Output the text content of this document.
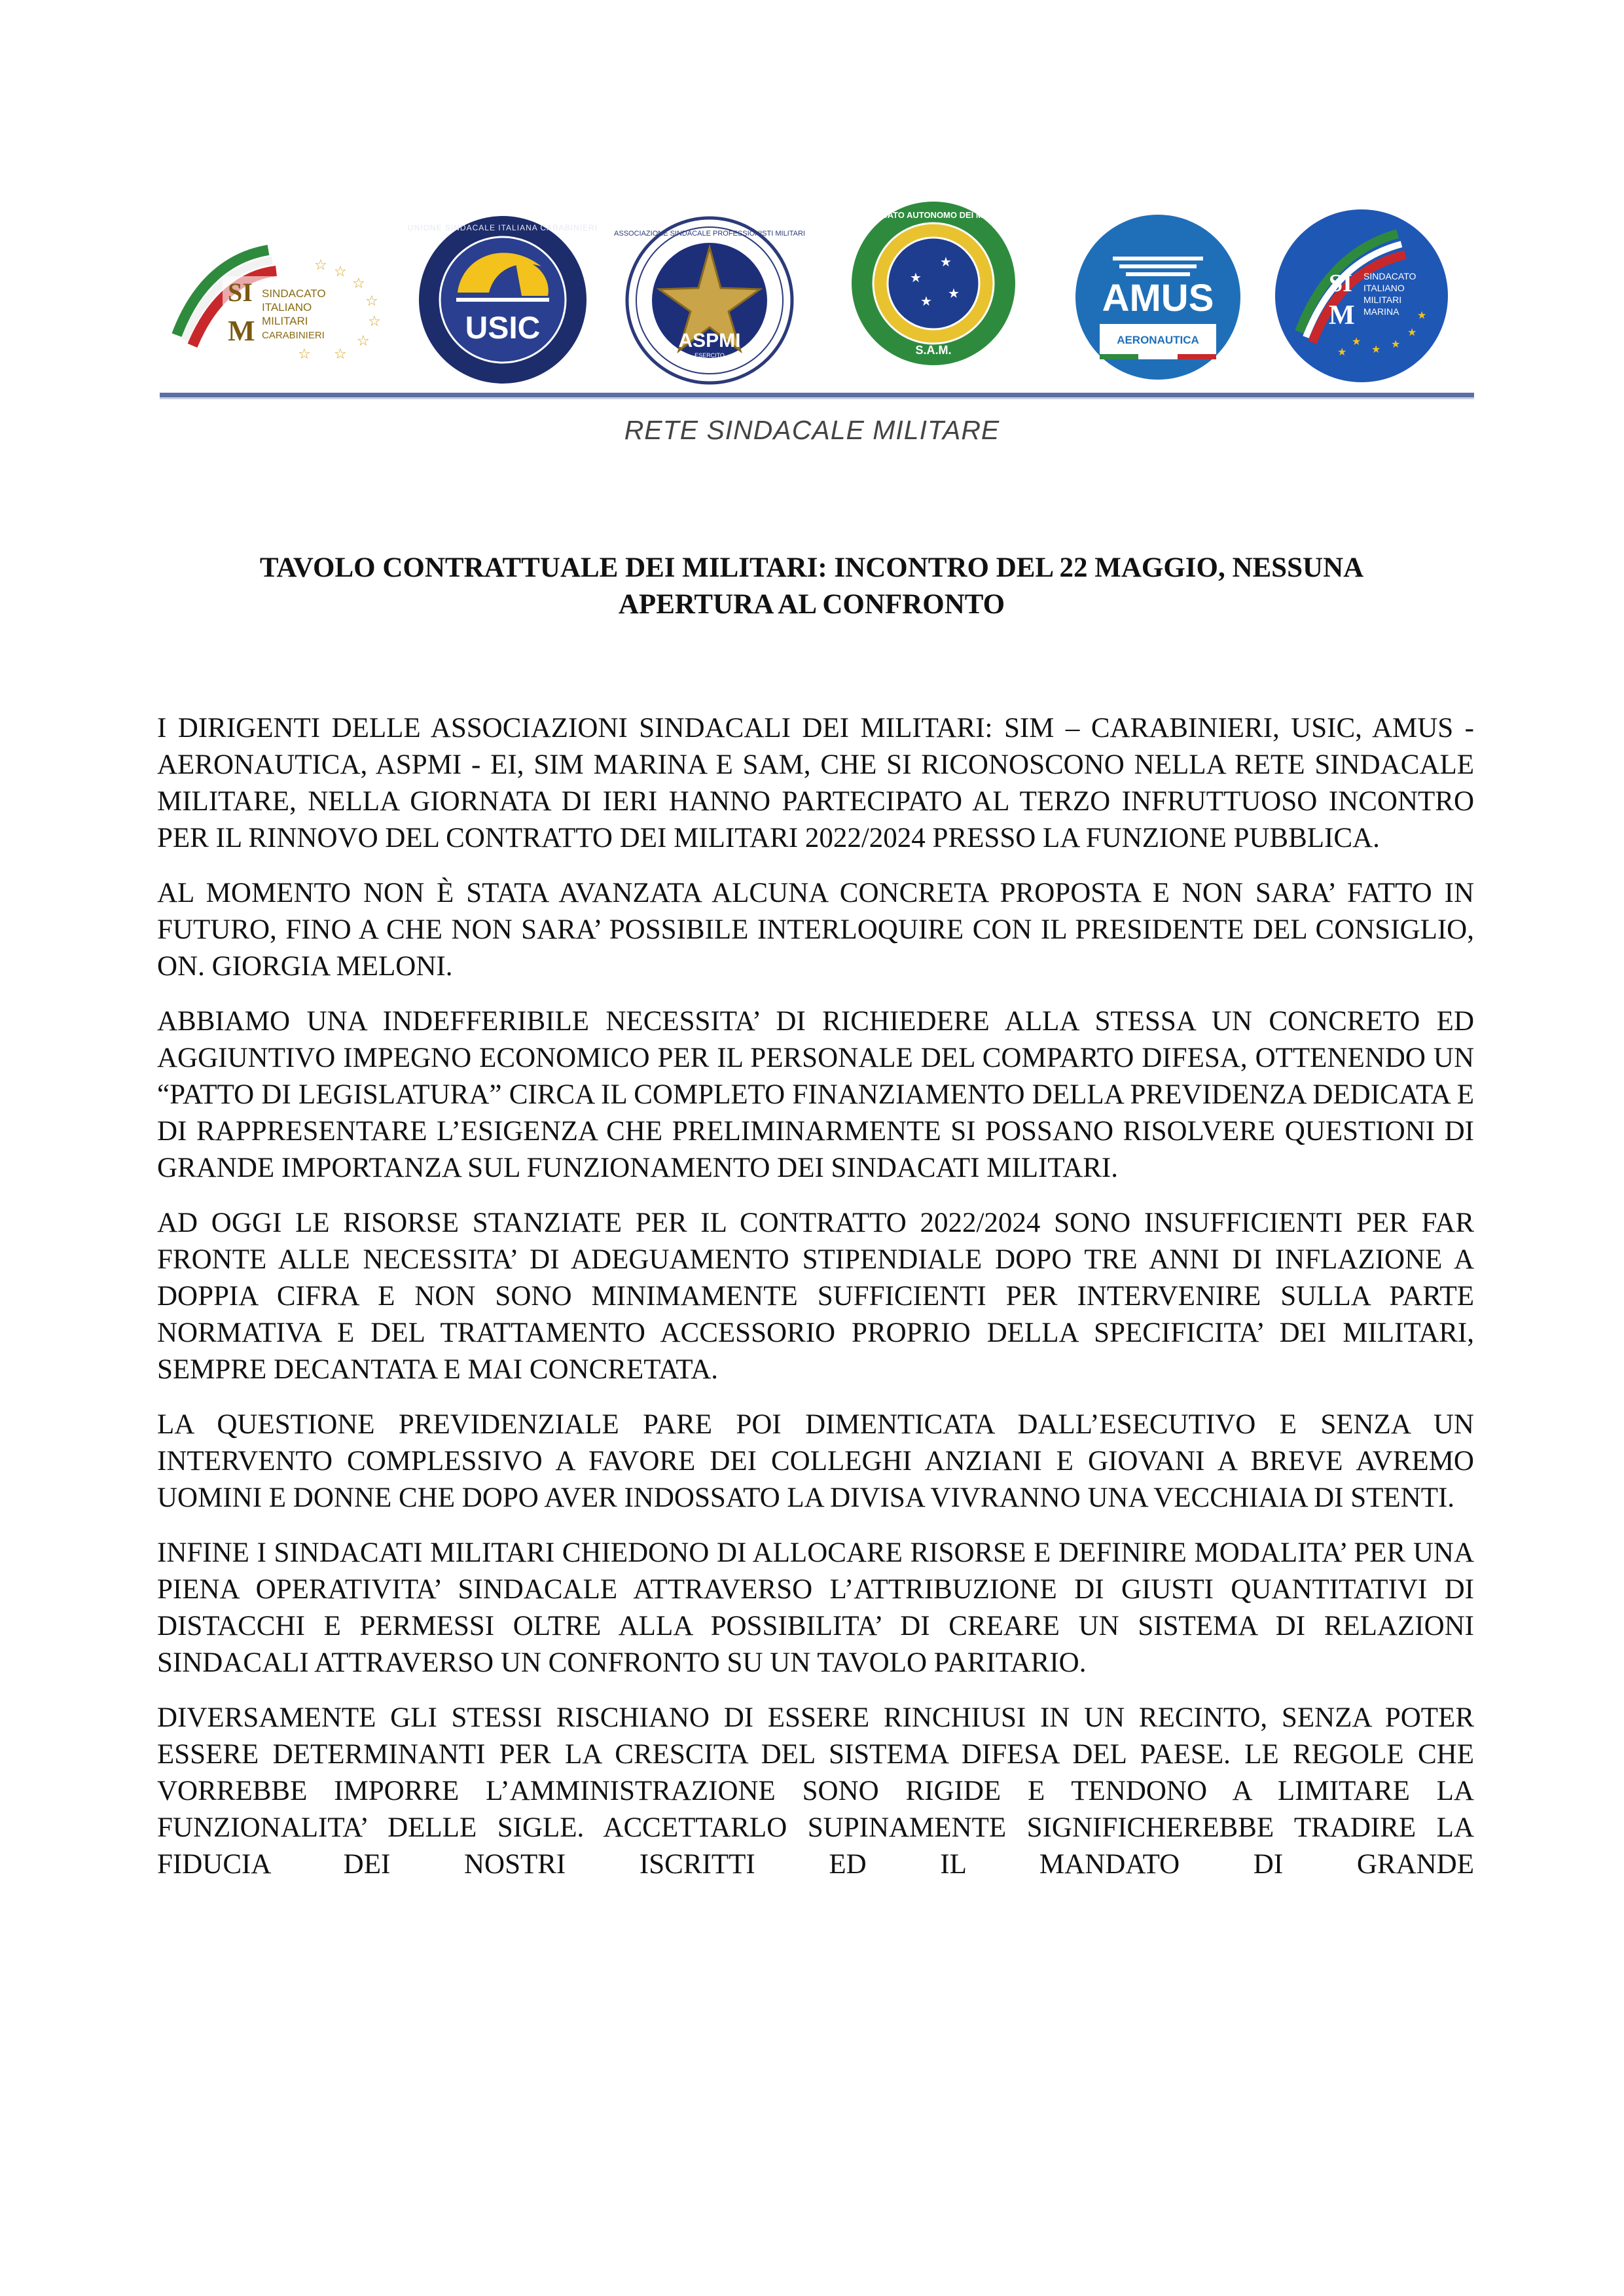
SI
M
SINDACATO
ITALIANO
MILITARI
CARABINIERI
☆
☆
☆
☆
☆
☆
☆
☆
USIC
UNIONE SINDACALE ITALIANA CARABINIERI
ASPMI
ESERCITO
ASSOCIAZIONE SINDACALE PROFESSIONISTI MILITARI
★
★
★
★
S.A.M.
SINDACATO AUTONOMO DEI MILITARI
AMUS
AERONAUTICA
SI
M
SINDACATO
ITALIANO
MILITARI
MARINA
★
★ ★
★
★
★
RETE SINDACALE MILITARE
TAVOLO CONTRATTUALE DEI MILITARI: INCONTRO DEL 22 MAGGIO, NESSUNA
APERTURA AL CONFRONTO

I DIRIGENTI DELLE ASSOCIAZIONI SINDACALI DEI MILITARI: SIM – CARABINIERI, USIC, AMUS - AERONAUTICA, ASPMI - EI, SIM MARINA E SAM, CHE SI RICONOSCONO NELLA RETE SINDACALE MILITARE, NELLA GIORNATA DI IERI HANNO PARTECIPATO AL TERZO INFRUTTUOSO INCONTRO PER IL RINNOVO DEL CONTRATTO DEI MILITARI 2022/2024 PRESSO LA FUNZIONE PUBBLICA.

AL MOMENTO NON È STATA AVANZATA ALCUNA CONCRETA PROPOSTA E NON SARA’ FATTO IN FUTURO, FINO A CHE NON SARA’ POSSIBILE INTERLOQUIRE CON IL PRESIDENTE DEL CONSIGLIO, ON. GIORGIA MELONI.

ABBIAMO UNA INDEFFERIBILE NECESSITA’ DI RICHIEDERE ALLA STESSA UN CONCRETO ED AGGIUNTIVO IMPEGNO ECONOMICO PER IL PERSONALE DEL COMPARTO DIFESA, OTTENENDO UN “PATTO DI LEGISLATURA” CIRCA IL COMPLETO FINANZIAMENTO DELLA PREVIDENZA DEDICATA E DI RAPPRESENTARE L’ESIGENZA CHE PRELIMINARMENTE SI POSSANO RISOLVERE QUESTIONI DI GRANDE IMPORTANZA SUL FUNZIONAMENTO DEI SINDACATI MILITARI.

AD OGGI LE RISORSE STANZIATE PER IL CONTRATTO 2022/2024 SONO INSUFFICIENTI PER FAR FRONTE ALLE NECESSITA’ DI ADEGUAMENTO STIPENDIALE DOPO TRE ANNI DI INFLAZIONE A DOPPIA CIFRA E NON SONO MINIMAMENTE SUFFICIENTI PER INTERVENIRE SULLA PARTE NORMATIVA E DEL TRATTAMENTO ACCESSORIO PROPRIO DELLA SPECIFICITA’ DEI MILITARI, SEMPRE DECANTATA E MAI CONCRETATA.

LA QUESTIONE PREVIDENZIALE PARE POI DIMENTICATA DALL’ESECUTIVO E SENZA UN INTERVENTO COMPLESSIVO A FAVORE DEI COLLEGHI ANZIANI E GIOVANI A BREVE AVREMO UOMINI E DONNE CHE DOPO AVER INDOSSATO LA DIVISA VIVRANNO UNA VECCHIAIA DI STENTI.

INFINE I SINDACATI MILITARI CHIEDONO DI ALLOCARE RISORSE E DEFINIRE MODALITA’ PER UNA PIENA OPERATIVITA’ SINDACALE ATTRAVERSO L’ATTRIBUZIONE DI GIUSTI QUANTITATIVI DI DISTACCHI E PERMESSI OLTRE ALLA POSSIBILITA’ DI CREARE UN SISTEMA DI RELAZIONI SINDACALI ATTRAVERSO UN CONFRONTO SU UN TAVOLO PARITARIO.

DIVERSAMENTE GLI STESSI RISCHIANO DI ESSERE RINCHIUSI IN UN RECINTO, SENZA POTER ESSERE DETERMINANTI PER LA CRESCITA DEL SISTEMA DIFESA DEL PAESE. LE REGOLE CHE VORREBBE IMPORRE L’AMMINISTRAZIONE SONO RIGIDE E TENDONO A LIMITARE LA FUNZIONALITA’ DELLE SIGLE. ACCETTARLO SUPINAMENTE SIGNIFICHEREBBE TRADIRE LA FIDUCIA DEI NOSTRI ISCRITTI ED IL MANDATO DI GRANDE
